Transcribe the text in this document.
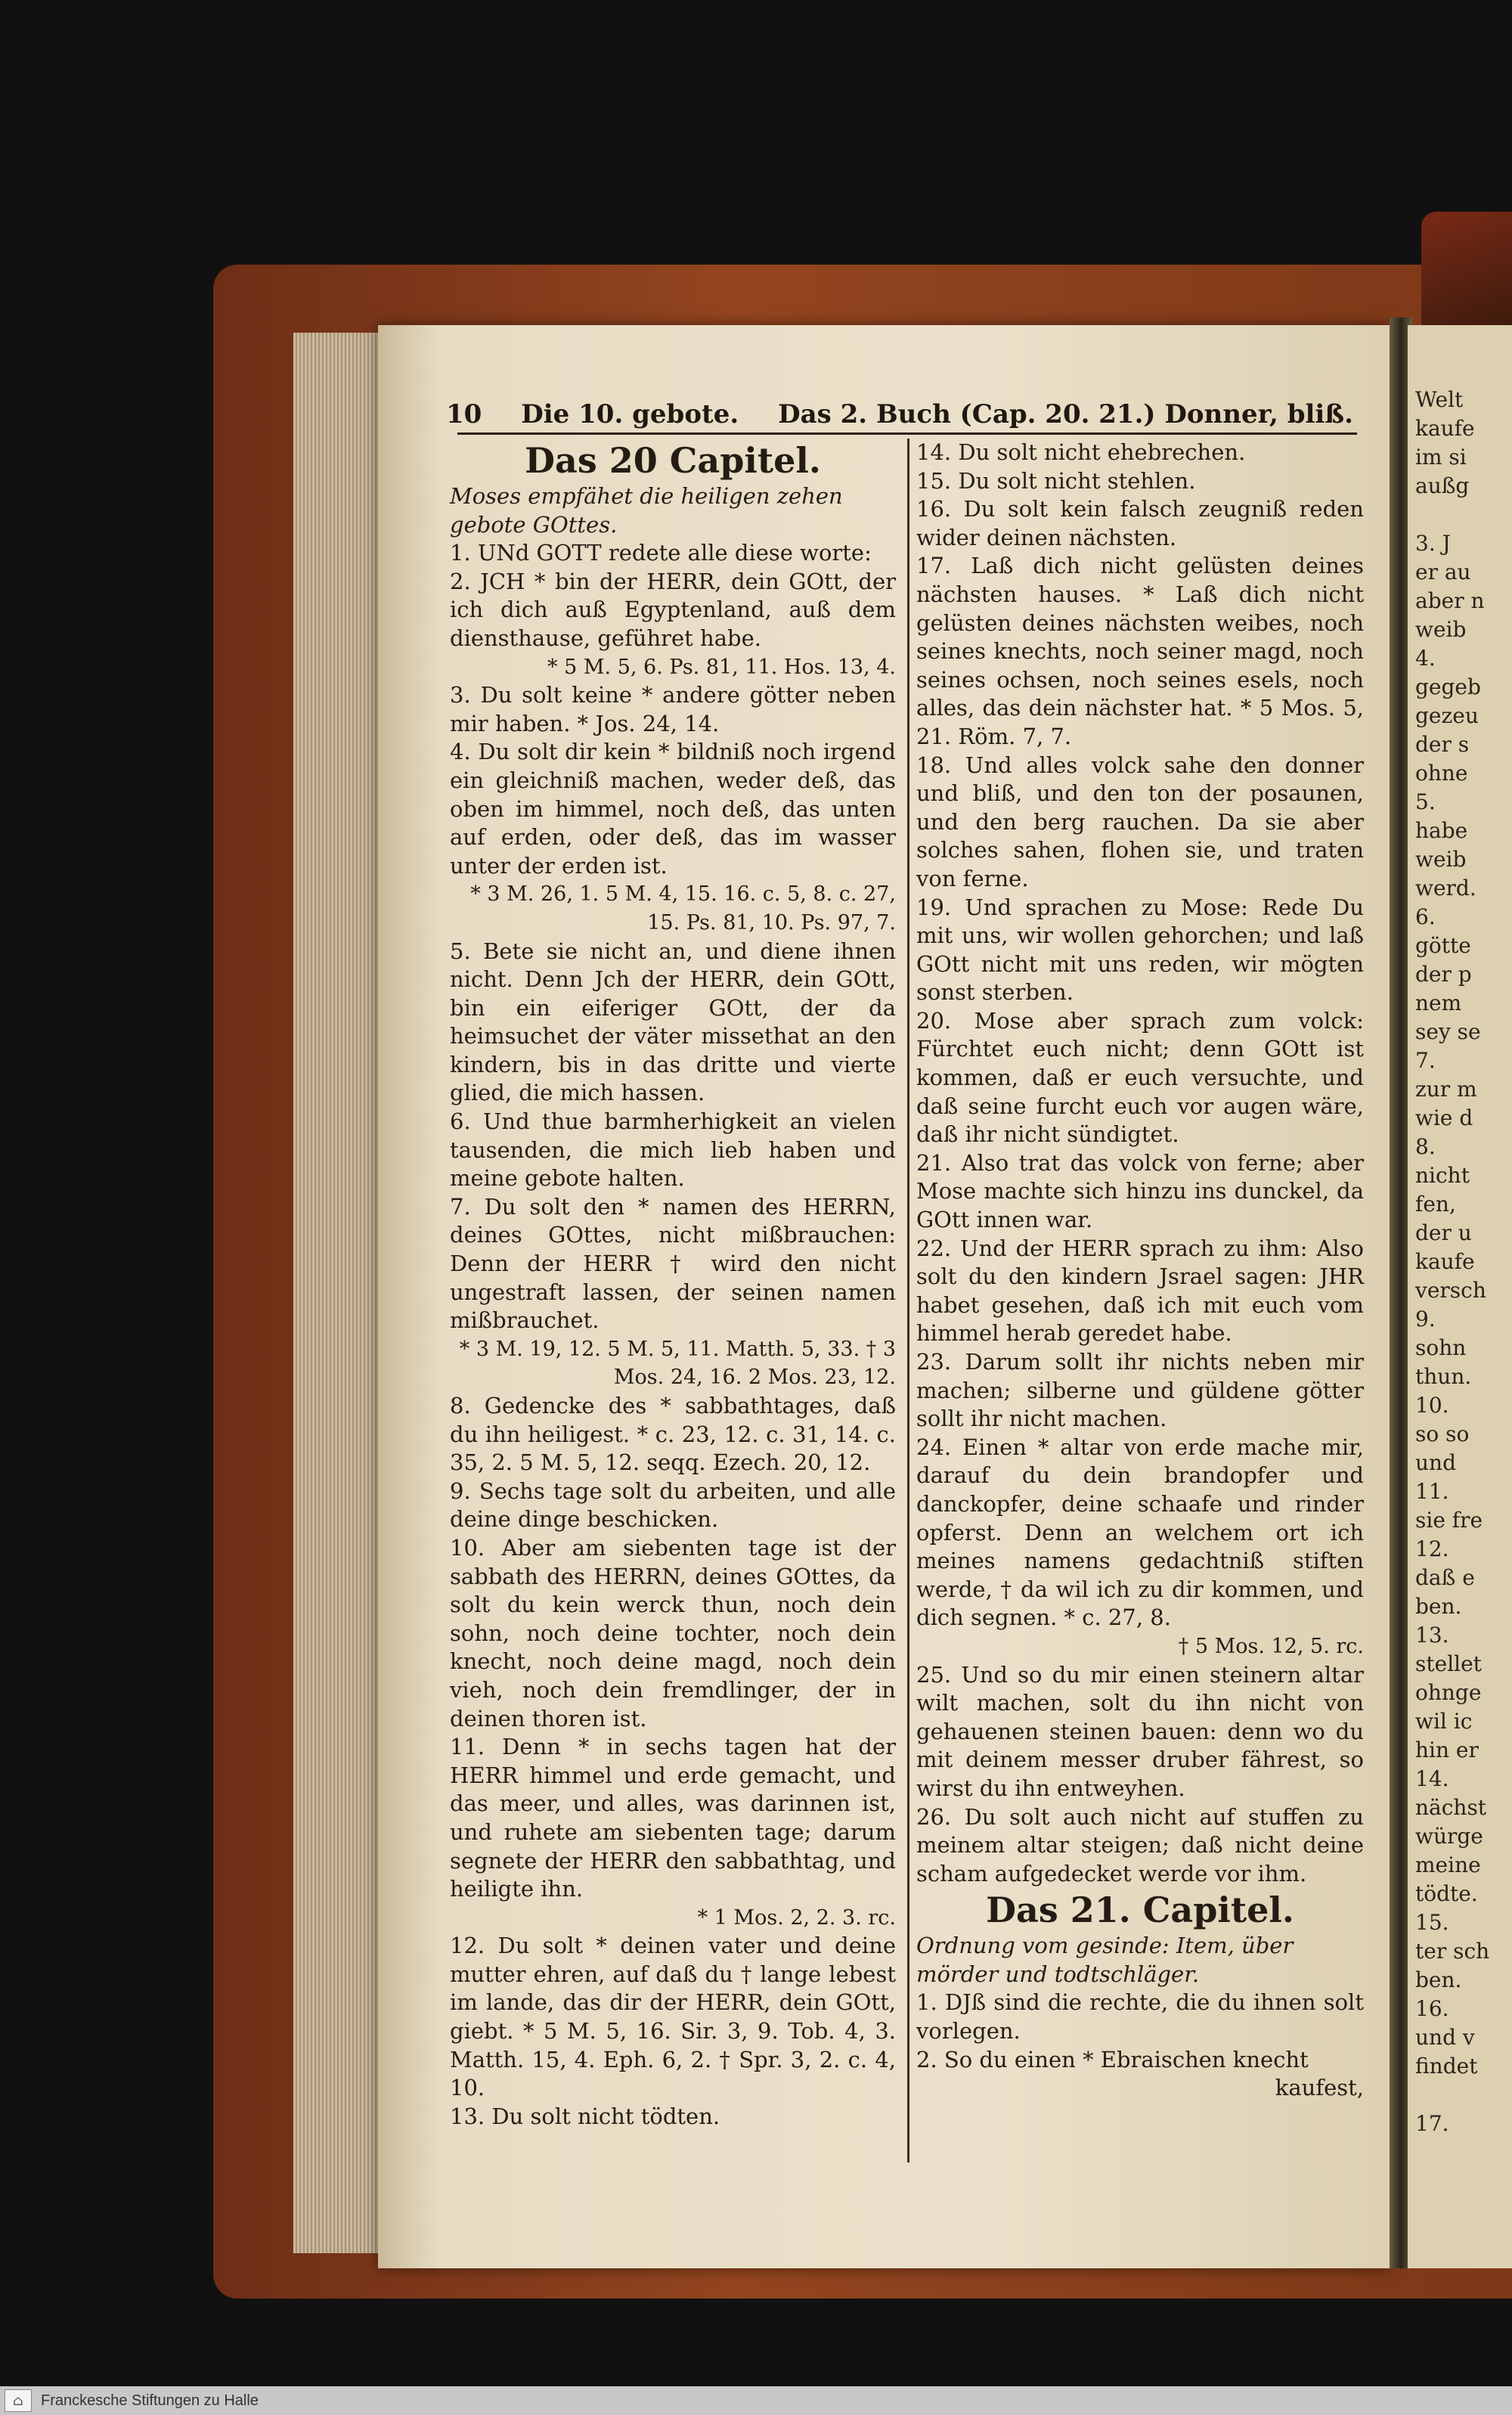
Welt
kaufe
im si
außg

3. J
er au
aber n
weib
4.
gegeb
gezeu
der s
ohne
5.
habe
weib
werd.
6.
götte
der p
nem
sey se
7.
zur m
wie d
8.
nicht
fen,
der u
kaufe
versch
9.
sohn
thun.
10.
so so
und
11.
sie fre
12.
daß e
ben.
13.
stellet
ohnge
wil ic
hin er
14.
nächst
würge
meine
tödte.
15.
ter sch
ben.
16.
und v
findet

17.
10 Die 10. gebote. Das 2. Buch (Cap. 20. 21.) Donner, bliß.
Das 20 Capitel.
Moses empfähet die heiligen zehen gebote GOttes.
1. UNd GOTT redete alle diese worte:
2. JCH * bin der HERR, dein GOtt, der ich dich auß Egyptenland, auß dem diensthause, geführet habe.
* 5 M. 5, 6. Ps. 81, 11. Hos. 13, 4.
3. Du solt keine * andere götter neben mir haben. * Jos. 24, 14.
4. Du solt dir kein * bildniß noch irgend ein gleichniß machen, weder deß, das oben im himmel, noch deß, das unten auf erden, oder deß, das im wasser unter der erden ist.
* 3 M. 26, 1. 5 M. 4, 15. 16. c. 5, 8. c. 27, 15. Ps. 81, 10. Ps. 97, 7.
5. Bete sie nicht an, und diene ihnen nicht. Denn Jch der HERR, dein GOtt, bin ein eiferiger GOtt, der da heimsuchet der väter missethat an den kindern, bis in das dritte und vierte glied, die mich hassen.
6. Und thue barmherhigkeit an vielen tausenden, die mich lieb haben und meine gebote halten.
7. Du solt den * namen des HERRN, deines GOttes, nicht mißbrauchen: Denn der HERR † wird den nicht ungestraft lassen, der seinen namen mißbrauchet.
* 3 M. 19, 12. 5 M. 5, 11. Matth. 5, 33. † 3 Mos. 24, 16. 2 Mos. 23, 12.
8. Gedencke des * sabbathtages, daß du ihn heiligest. * c. 23, 12. c. 31, 14. c. 35, 2. 5 M. 5, 12. seqq. Ezech. 20, 12.
9. Sechs tage solt du arbeiten, und alle deine dinge beschicken.
10. Aber am siebenten tage ist der sabbath des HERRN, deines GOttes, da solt du kein werck thun, noch dein sohn, noch deine tochter, noch dein knecht, noch deine magd, noch dein vieh, noch dein fremdlinger, der in deinen thoren ist.
11. Denn * in sechs tagen hat der HERR himmel und erde gemacht, und das meer, und alles, was darinnen ist, und ruhete am siebenten tage; darum segnete der HERR den sabbathtag, und heiligte ihn.
* 1 Mos. 2, 2. 3. rc.
12. Du solt * deinen vater und deine mutter ehren, auf daß du † lange lebest im lande, das dir der HERR, dein GOtt, giebt. * 5 M. 5, 16. Sir. 3, 9. Tob. 4, 3. Matth. 15, 4. Eph. 6, 2. † Spr. 3, 2. c. 4, 10.
13. Du solt nicht tödten.
14. Du solt nicht ehebrechen.
15. Du solt nicht stehlen.
16. Du solt kein falsch zeugniß reden wider deinen nächsten.
17. Laß dich nicht gelüsten deines nächsten hauses. * Laß dich nicht gelüsten deines nächsten weibes, noch seines knechts, noch seiner magd, noch seines ochsen, noch seines esels, noch alles, das dein nächster hat. * 5 Mos. 5, 21. Röm. 7, 7.
18. Und alles volck sahe den donner und bliß, und den ton der posaunen, und den berg rauchen. Da sie aber solches sahen, flohen sie, und traten von ferne.
19. Und sprachen zu Mose: Rede Du mit uns, wir wollen gehorchen; und laß GOtt nicht mit uns reden, wir mögten sonst sterben.
20. Mose aber sprach zum volck: Fürchtet euch nicht; denn GOtt ist kommen, daß er euch versuchte, und daß seine furcht euch vor augen wäre, daß ihr nicht sündigtet.
21. Also trat das volck von ferne; aber Mose machte sich hinzu ins dunckel, da GOtt innen war.
22. Und der HERR sprach zu ihm: Also solt du den kindern Jsrael sagen: JHR habet gesehen, daß ich mit euch vom himmel herab geredet habe.
23. Darum sollt ihr nichts neben mir machen; silberne und güldene götter sollt ihr nicht machen.
24. Einen * altar von erde mache mir, darauf du dein brandopfer und danckopfer, deine schaafe und rinder opferst. Denn an welchem ort ich meines namens gedachtniß stiften werde, † da wil ich zu dir kommen, und dich segnen. * c. 27, 8.
† 5 Mos. 12, 5. rc.
25. Und so du mir einen steinern altar wilt machen, solt du ihn nicht von gehauenen steinen bauen: denn wo du mit deinem messer druber fährest, so wirst du ihn entweyhen.
26. Du solt auch nicht auf stuffen zu meinem altar steigen; daß nicht deine scham aufgedecket werde vor ihm.
Das 21. Capitel.
Ordnung vom gesinde: Item, über mörder und todtschläger.
1. DJß sind die rechte, die du ihnen solt vorlegen.
2. So du einen * Ebraischen knecht
kaufest,
⌂	Franckesche Stiftungen zu Halle
